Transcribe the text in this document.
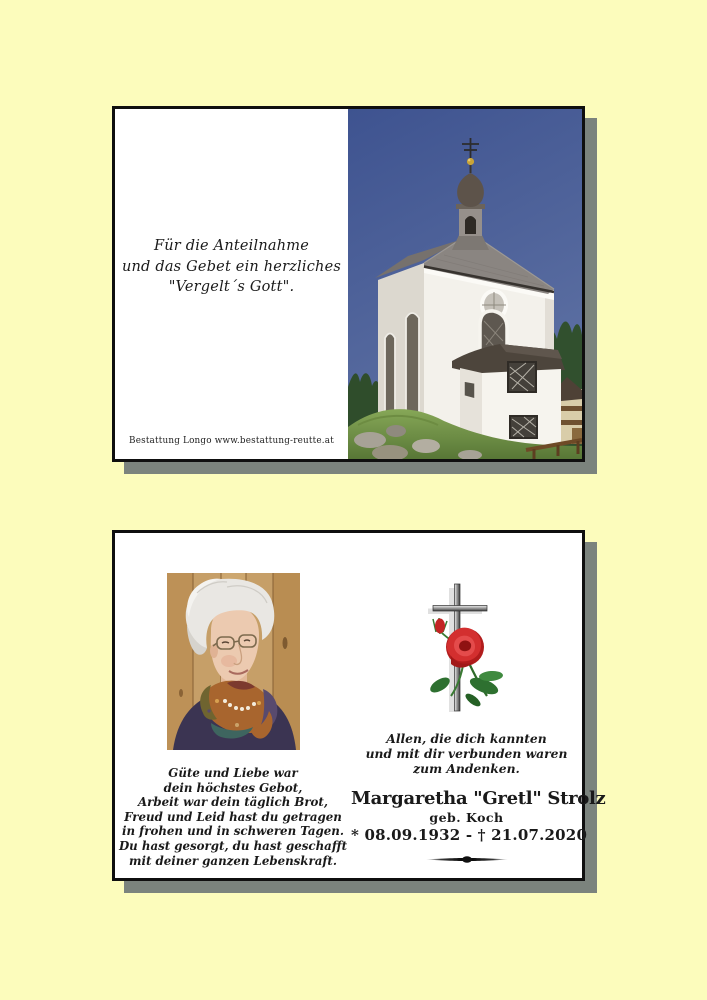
Für die Anteilnahme
und das Gebet ein herzliches
"Vergelt´s Gott".
Bestattung Longo www.bestattung-reutte.at
Güte und Liebe war
dein höchstes Gebot,
Arbeit war dein täglich Brot,
Freud und Leid hast du getragen
in frohen und in schweren Tagen.
Du hast gesorgt, du hast geschafft
mit deiner ganzen Lebenskraft.
Allen, die dich kannten
und mit dir verbunden waren
zum Andenken.
Margaretha "Gretl" Strolz
geb. Koch
* 08.09.1932 - † 21.07.2020
